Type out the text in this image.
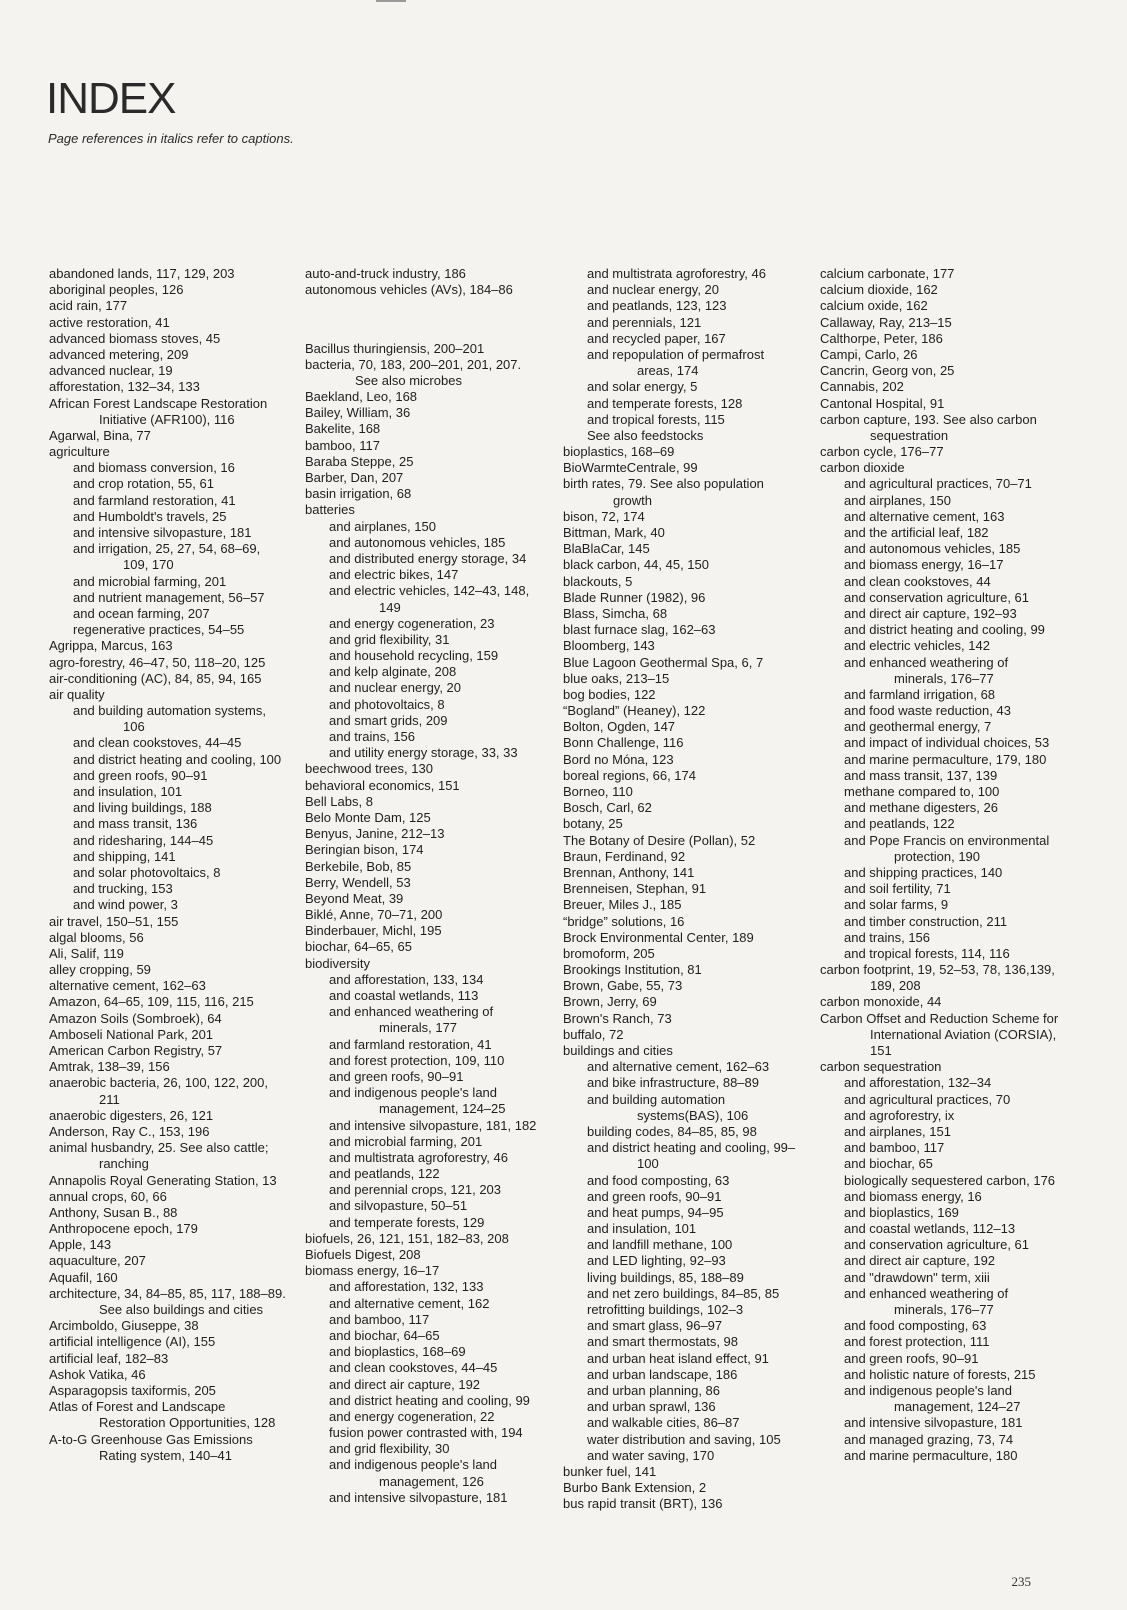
INDEX
Page references in italics refer to captions.

abandoned lands, 117, 129, 203

aboriginal peoples, 126

acid rain, 177

active restoration, 41

advanced biomass stoves, 45

advanced metering, 209

advanced nuclear, 19

afforestation, 132–34, 133

African Forest Landscape Restoration Initiative (AFR100), 116

Agarwal, Bina, 77

agriculture

and biomass conversion, 16

and crop rotation, 55, 61

and farmland restoration, 41

and Humboldt's travels, 25

and intensive silvopasture, 181

and irrigation, 25, 27, 54, 68–69, 109, 170

and microbial farming, 201

and nutrient management, 56–57

and ocean farming, 207

regenerative practices, 54–55

Agrippa, Marcus, 163

agro-forestry, 46–47, 50, 118–20, 125

air-conditioning (AC), 84, 85, 94, 165

air quality

and building automation systems, 106

and clean cookstoves, 44–45

and district heating and cooling, 100

and green roofs, 90–91

and insulation, 101

and living buildings, 188

and mass transit, 136

and ridesharing, 144–45

and shipping, 141

and solar photovoltaics, 8

and trucking, 153

and wind power, 3

air travel, 150–51, 155

algal blooms, 56

Ali, Salif, 119

alley cropping, 59

alternative cement, 162–63

Amazon, 64–65, 109, 115, 116, 215

Amazon Soils (Sombroek), 64

Amboseli National Park, 201

American Carbon Registry, 57

Amtrak, 138–39, 156

anaerobic bacteria, 26, 100, 122, 200, 211

anaerobic digesters, 26, 121

Anderson, Ray C., 153, 196

animal husbandry, 25. See also cattle; ranching

Annapolis Royal Generating Station, 13

annual crops, 60, 66

Anthony, Susan B., 88

Anthropocene epoch, 179

Apple, 143

aquaculture, 207

Aquafil, 160

architecture, 34, 84–85, 85, 117, 188–89. See also buildings and cities

Arcimboldo, Giuseppe, 38

artificial intelligence (AI), 155

artificial leaf, 182–83

Ashok Vatika, 46

Asparagopsis taxiformis, 205

Atlas of Forest and Landscape Restoration Opportunities, 128

A-to-G Greenhouse Gas Emissions Rating system, 140–41

auto-and-truck industry, 186

autonomous vehicles (AVs), 184–86

Bacillus thuringiensis, 200–201

bacteria, 70, 183, 200–201, 201, 207. See also microbes

Baekland, Leo, 168

Bailey, William, 36

Bakelite, 168

bamboo, 117

Baraba Steppe, 25

Barber, Dan, 207

basin irrigation, 68

batteries

and airplanes, 150

and autonomous vehicles, 185

and distributed energy storage, 34

and electric bikes, 147

and electric vehicles, 142–43, 148, 149

and energy cogeneration, 23

and grid flexibility, 31

and household recycling, 159

and kelp alginate, 208

and nuclear energy, 20

and photovoltaics, 8

and smart grids, 209

and trains, 156

and utility energy storage, 33, 33

beechwood trees, 130

behavioral economics, 151

Bell Labs, 8

Belo Monte Dam, 125

Benyus, Janine, 212–13

Beringian bison, 174

Berkebile, Bob, 85

Berry, Wendell, 53

Beyond Meat, 39

Biklé, Anne, 70–71, 200

Binderbauer, Michl, 195

biochar, 64–65, 65

biodiversity

and afforestation, 133, 134

and coastal wetlands, 113

and enhanced weathering of minerals, 177

and farmland restoration, 41

and forest protection, 109, 110

and green roofs, 90–91

and indigenous people's land management, 124–25

and intensive silvopasture, 181, 182

and microbial farming, 201

and multistrata agroforestry, 46

and peatlands, 122

and perennial crops, 121, 203

and silvopasture, 50–51

and temperate forests, 129

biofuels, 26, 121, 151, 182–83, 208

Biofuels Digest, 208

biomass energy, 16–17

and afforestation, 132, 133

and alternative cement, 162

and bamboo, 117

and biochar, 64–65

and bioplastics, 168–69

and clean cookstoves, 44–45

and direct air capture, 192

and district heating and cooling, 99

and energy cogeneration, 22

fusion power contrasted with, 194

and grid flexibility, 30

and indigenous people's land management, 126

and intensive silvopasture, 181

and multistrata agroforestry, 46

and nuclear energy, 20

and peatlands, 123, 123

and perennials, 121

and recycled paper, 167

and repopulation of permafrost areas, 174

and solar energy, 5

and temperate forests, 128

and tropical forests, 115

See also feedstocks

bioplastics, 168–69

BioWarmteCentrale, 99

birth rates, 79. See also population growth

bison, 72, 174

Bittman, Mark, 40

BlaBlaCar, 145

black carbon, 44, 45, 150

blackouts, 5

Blade Runner (1982), 96

Blass, Simcha, 68

blast furnace slag, 162–63

Bloomberg, 143

Blue Lagoon Geothermal Spa, 6, 7

blue oaks, 213–15

bog bodies, 122

“Bogland” (Heaney), 122

Bolton, Ogden, 147

Bonn Challenge, 116

Bord no Móna, 123

boreal regions, 66, 174

Borneo, 110

Bosch, Carl, 62

botany, 25

The Botany of Desire (Pollan), 52

Braun, Ferdinand, 92

Brennan, Anthony, 141

Brenneisen, Stephan, 91

Breuer, Miles J., 185

“bridge” solutions, 16

Brock Environmental Center, 189

bromoform, 205

Brookings Institution, 81

Brown, Gabe, 55, 73

Brown, Jerry, 69

Brown's Ranch, 73

buffalo, 72

buildings and cities

and alternative cement, 162–63

and bike infrastructure, 88–89

and building automation systems(BAS), 106

building codes, 84–85, 85, 98

and district heating and cooling, 99–100

and food composting, 63

and green roofs, 90–91

and heat pumps, 94–95

and insulation, 101

and landfill methane, 100

and LED lighting, 92–93

living buildings, 85, 188–89

and net zero buildings, 84–85, 85

retrofitting buildings, 102–3

and smart glass, 96–97

and smart thermostats, 98

and urban heat island effect, 91

and urban landscape, 186

and urban planning, 86

and urban sprawl, 136

and walkable cities, 86–87

water distribution and saving, 105

and water saving, 170

bunker fuel, 141

Burbo Bank Extension, 2

bus rapid transit (BRT), 136

calcium carbonate, 177

calcium dioxide, 162

calcium oxide, 162

Callaway, Ray, 213–15

Calthorpe, Peter, 186

Campi, Carlo, 26

Cancrin, Georg von, 25

Cannabis, 202

Cantonal Hospital, 91

carbon capture, 193. See also carbon sequestration

carbon cycle, 176–77

carbon dioxide

and agricultural practices, 70–71

and airplanes, 150

and alternative cement, 163

and the artificial leaf, 182

and autonomous vehicles, 185

and biomass energy, 16–17

and clean cookstoves, 44

and conservation agriculture, 61

and direct air capture, 192–93

and district heating and cooling, 99

and electric vehicles, 142

and enhanced weathering of minerals, 176–77

and farmland irrigation, 68

and food waste reduction, 43

and geothermal energy, 7

and impact of individual choices, 53

and marine permaculture, 179, 180

and mass transit, 137, 139

methane compared to, 100

and methane digesters, 26

and peatlands, 122

and Pope Francis on environmental protection, 190

and shipping practices, 140

and soil fertility, 71

and solar farms, 9

and timber construction, 211

and trains, 156

and tropical forests, 114, 116

carbon footprint, 19, 52–53, 78, 136,139, 189, 208

carbon monoxide, 44

Carbon Offset and Reduction Scheme for International Aviation (CORSIA), 151

carbon sequestration

and afforestation, 132–34

and agricultural practices, 70

and agroforestry, ix

and airplanes, 151

and bamboo, 117

and biochar, 65

biologically sequestered carbon, 176

and biomass energy, 16

and bioplastics, 169

and coastal wetlands, 112–13

and conservation agriculture, 61

and direct air capture, 192

and "drawdown" term, xiii

and enhanced weathering of minerals, 176–77

and food composting, 63

and forest protection, 111

and green roofs, 90–91

and holistic nature of forests, 215

and indigenous people's land management, 124–27

and intensive silvopasture, 181

and managed grazing, 73, 74

and marine permaculture, 180

235
